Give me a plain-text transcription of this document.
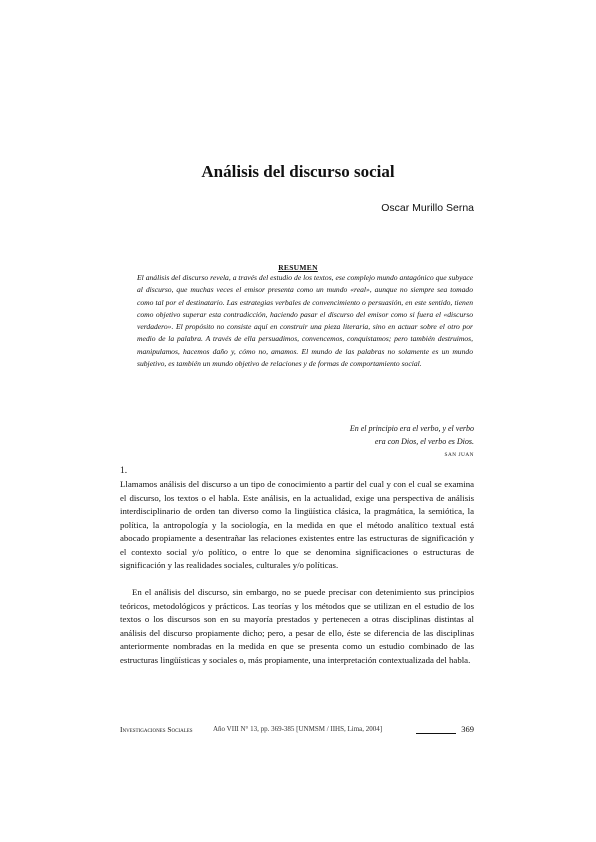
Análisis del discurso social
Oscar Murillo Serna
RESUMEN

El análisis del discurso revela, a través del estudio de los textos, ese complejo mundo antagónico que subyace al discurso, que muchas veces el emisor presenta como un mundo «real», aunque no siempre sea tomado como tal por el destinatario. Las estrategias verbales de convencimiento o persuasión, en este sentido, tienen como objetivo superar esta contradicción, haciendo pasar el discurso del emisor como si fuera el «discurso verdadero». El propósito no consiste aquí en construir una pieza literaria, sino en actuar sobre el otro por medio de la palabra. A través de ella persuadimos, convencemos, conquistamos; pero también destruimos, manipulamos, hacemos daño y, cómo no, amamos. El mundo de las palabras no solamente es un mundo subjetivo, es también un mundo objetivo de relaciones y de formas de comportamiento social.

En el principio era el verbo, y el verbo
era con Dios, el verbo es Dios.
SAN JUAN
1.

Llamamos análisis del discurso a un tipo de conocimiento a partir del cual y con el cual se examina el discurso, los textos o el habla. Este análisis, en la actualidad, exige una perspectiva de análisis interdisciplinario de orden tan diverso como la lingüística clásica, la pragmática, la semiótica, la política, la antropología y la sociología, en la medida en que el método analítico textual está abocado propiamente a desentrañar las relaciones existentes entre las estructuras de significación y el contexto social y/o político, o entre lo que se denomina significaciones o estructuras de significación y las realidades sociales, culturales y/o políticas.

En el análisis del discurso, sin embargo, no se puede precisar con detenimiento sus principios teóricos, metodológicos y prácticos. Las teorías y los métodos que se utilizan en el estudio de los textos o los discursos son en su mayoría prestados y pertenecen a otras disciplinas distintas al análisis del discurso propiamente dicho; pero, a pesar de ello, éste se diferencia de las disciplinas anteriormente nombradas en la medida en que se presenta como un estudio combinado de las estructuras lingüísticas y sociales o, más propiamente, una interpretación contextualizada del habla.

Investigaciones Sociales	Año VIII N° 13, pp. 369-385 [UNMSM / IIHS, Lima, 2004]	369
